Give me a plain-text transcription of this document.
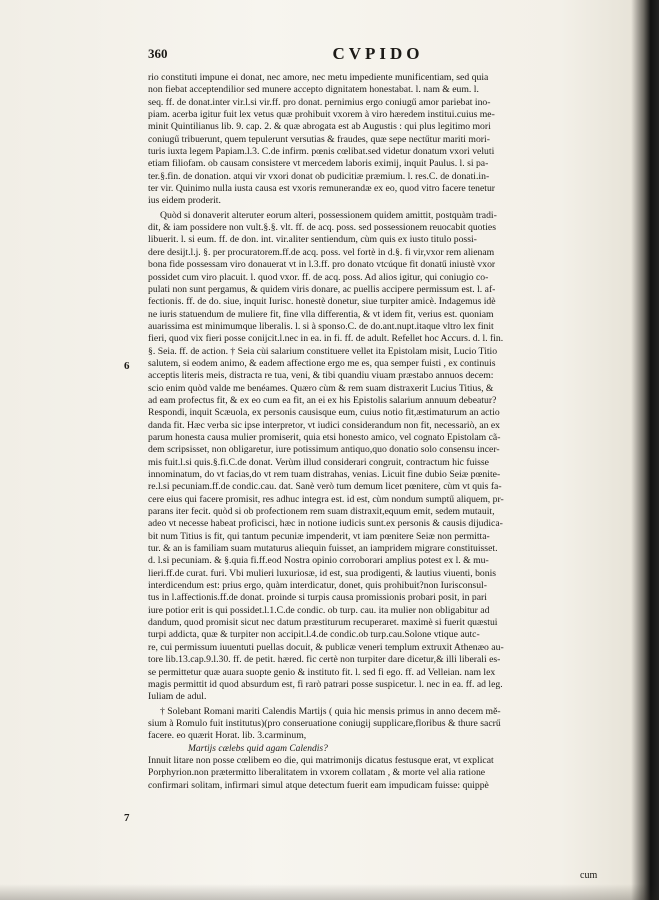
360	CVPIDO
6
7
rio constituti impune ei donat, nec amore, nec metu impediente munificentiam, sed quia
non fiebat acceptendilior sed munere accepto dignitatem honestabat. l. nam & eum. l.
seq. ff. de donat.inter vir.l.si vir.ff. pro donat. pernimius ergo coniugű amor pariebat ino-
piam. acerba igitur fuit lex vetus quæ prohibuit vxorem à viro hæredem institui.cuius me-
minit Quintilianus lib. 9. cap. 2. & quæ abrogata est ab Augustis : qui plus legitimo mori
coniugű tribuerunt, quem tepulerunt versutias & fraudes, quæ sepe nectűtur mariti mori-
turis iuxta legem Papiam.l.3. C.de infirm. pœnis cœlibat.sed videtur donatum vxori veluti
etiam filiofam. ob causam consistere vt mercedem laboris eximij, inquit Paulus. l. si pa-
ter.§.fin. de donation. atqui vir vxori donat ob pudicitiæ præmium. l. res.C. de donati.in-
ter vir. Quinimo nulla iusta causa est vxoris remunerandæ ex eo, quod vitro facere tenetur
ius eidem proderit.
Quòd si donaverit alteruter eorum alteri, possessionem quidem amittit, postquàm tradi-
dit, & iam possidere non vult.§.§. vlt. ff. de acq. poss. sed possessionem reuocabit quoties
libuerit. l. si eum. ff. de don. int. vir.aliter sentiendum, cùm quis ex iusto titulo possi-
dere desijt.l.j. §. per procuratorem.ff.de acq. poss. vel fortè in d.§. fi vir,vxor rem alienam
bona fide possessam viro donauerat vt in l.3.ff. pro donato vtcúque fit donatű iniustè vxor
possidet cum viro placuit. l. quod vxor. ff. de acq. poss. Ad alios igitur, qui coniugio co-
pulati non sunt pergamus, & quidem viris donare, ac puellis accipere permissum est. l. af-
fectionis. ff. de do. siue, inquit Iurisc. honestè donetur, siue turpiter amicè. Indagemus idè
ne iuris statuendum de muliere fit, fine vlla differentia, & vt idem fit, verius est. quoniam
auarissima est minimumque liberalis. l. si à sponso.C. de do.ant.nupt.itaque vltro lex finit
fieri, quod vix fieri posse conijcit.l.nec in ea. in fi. ff. de adult. Refellet hoc Accurs. d. l. fin.
§. Seia. ff. de action. † Seia cùi salarium constituere vellet ita Epistolam misit, Lucio Titio
salutem, si eodem animo, & eadem affectione ergo me es, qua semper fuisti , ex continuis
acceptis literis meis, distracta re tua, veni, & tibi quandiu viuam præstabo annuos decem:
scio enim quòd valde me benéames. Quæro cùm & rem suam distraxerit Lucius Titius, &
ad eam profectus fit, & ex eo cum ea fit, an ei ex his Epistolis salarium annuum debeatur?
Respondi, inquit Scæuola, ex personis causisque eum, cuius notio fit,æstimaturum an actio
danda fit. Hæc verba sic ipse interpretor, vt iudici considerandum non fit, necessariò, an ex
parum honesta causa mulier promiserit, quia etsi honesto amico, vel cognato Epistolam cã-
dem scripsisset, non obligaretur, iure potissimum antiquo,quo donatio solo consensu incer-
mis fuit.l.si quis.§.fi.C.de donat. Verùm illud considerari congruit, contractum hic fuisse
innominatum, do vt facias,do vt rem tuam distrahas, venias. Licuit fine dubio Seiæ pœnite-
re.l.si pecuniam.ff.de condic.cau. dat. Sanè verò tum demum licet pœnitere, cùm vt quis fa-
cere eius qui facere promisit, res adhuc integra est. id est, cùm nondum sumptű aliquem, pr-
parans iter fecit. quòd si ob profectionem rem suam distraxit,equum emit, sedem mutauit,
adeo vt necesse habeat proficisci, hæc in notione iudicis sunt.ex personis & causis dijudica-
bit num Titius is fit, qui tantum pecuniæ impenderit, vt iam pœnitere Seiæ non permitta-
tur. & an is familiam suam mutaturus aliequin fuisset, an iampridem migrare constituisset.
d. l.si pecuniam. & §.quia fi.ff.eod Nostra opinio corroborari amplius potest ex l. & mu-
lieri.ff.de curat. furi. Vbi mulieri luxuriosæ, id est, sua prodigenti, & lautius viuenti, bonis
interdicendum est: prius ergo, quàm interdicatur, donet, quis prohibuit?non Iurisconsul-
tus in l.affectionis.ff.de donat. proinde si turpis causa promissionis probari posit, in pari
iure potior erit is qui possidet.l.1.C.de condic. ob turp. cau. ita mulier non obligabitur ad
dandum, quod promisit sicut nec datum præstiturum recuperaret. maximè si fuerit quæstui
turpi addicta, quæ & turpiter non accipit.l.4.de condic.ob turp.cau.Solone vtique autc-
re, cui permissum iuuentuti puellas docuit, & publicæ veneri templum extruxit Athenæo au-
tore lib.13.cap.9.l.30. ff. de petit. hæred. fic certè non turpiter dare dicetur,& illi liberali es-
se permittetur quæ auara suopte genio & instituto fit. l. sed fi ego. ff. ad Velleian. nam lex
magis permittit id quod absurdum est, fi rarò patrari posse suspicetur. l. nec in ea. ff. ad leg.
Iuliam de adul.
† Solebant Romani mariti Calendis Martijs ( quia hic mensis primus in anno decem mě-
sium à Romulo fuit institutus)(pro conseruatione coniugij supplicare,floribus & thure sacrű
facere. eo quærit Horat. lib. 3.carminum,
Martijs cælebs quid agam Calendis?
Innuit litare non posse cœlibem eo die, qui matrimonijs dicatus festusque erat, vt explicat
Porphyrion.non prætermitto liberalitatem in vxorem collatam , & morte vel alia ratione
confirmari solitam, infirmari simul atque detectum fuerit eam impudicam fuisse: quippè
cum
